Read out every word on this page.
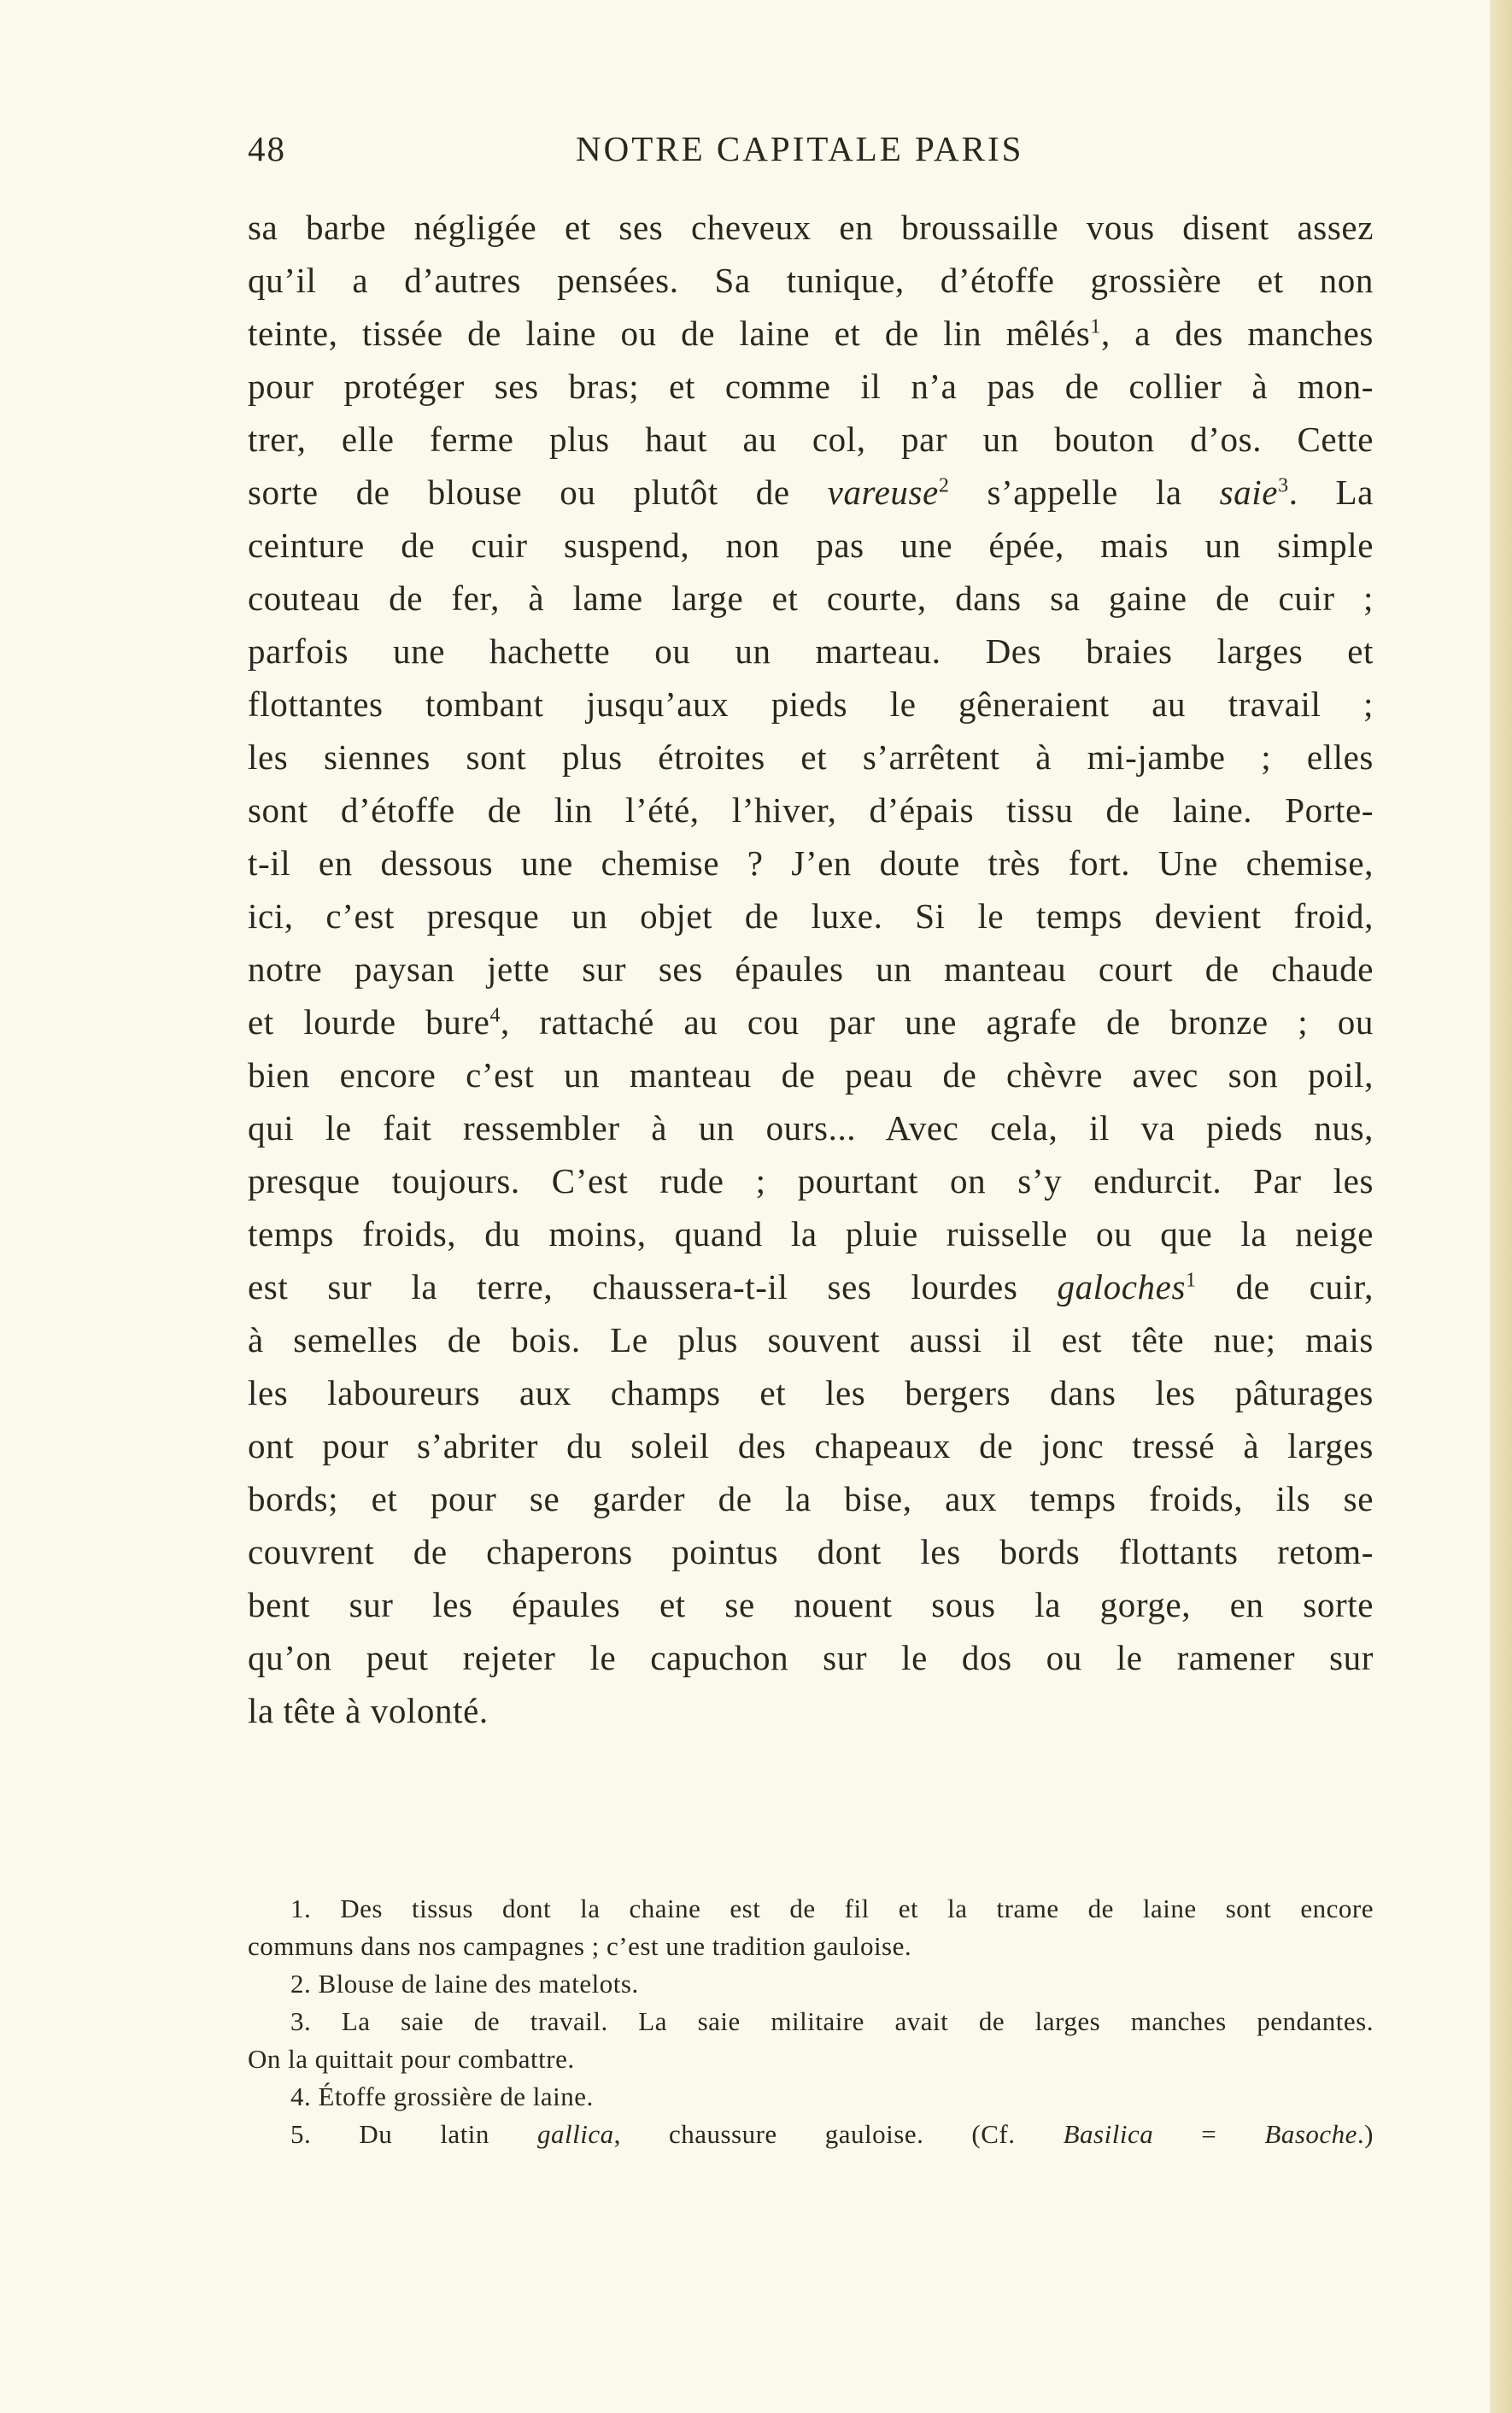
48	NOTRE CAPITALE PARIS
sa barbe négligée et ses cheveux en broussaille vous disent assez
qu’il a d’autres pensées. Sa tunique, d’étoffe grossière et non
teinte, tissée de laine ou de laine et de lin mêlés$^1$, a des manches
pour protéger ses bras; et comme il n’a pas de collier à mon-
trer, elle ferme plus haut au col, par un bouton d’os. Cette
sorte de blouse ou plutôt de vareuse$^2$ s’appelle la saie$^3$. La
ceinture de cuir suspend, non pas une épée, mais un simple
couteau de fer, à lame large et courte, dans sa gaine de cuir ;
parfois une hachette ou un marteau. Des braies larges et
flottantes tombant jusqu’aux pieds le gêneraient au travail ;
les siennes sont plus étroites et s’arrêtent à mi-jambe ; elles
sont d’étoffe de lin l’été, l’hiver, d’épais tissu de laine. Porte-
t-il en dessous une chemise ? J’en doute très fort. Une chemise,
ici, c’est presque un objet de luxe. Si le temps devient froid,
notre paysan jette sur ses épaules un manteau court de chaude
et lourde bure$^4$, rattaché au cou par une agrafe de bronze ; ou
bien encore c’est un manteau de peau de chèvre avec son poil,
qui le fait ressembler à un ours... Avec cela, il va pieds nus,
presque toujours. C’est rude ; pourtant on s’y endurcit. Par les
temps froids, du moins, quand la pluie ruisselle ou que la neige
est sur la terre, chaussera-t-il ses lourdes galoches$^1$ de cuir,
à semelles de bois. Le plus souvent aussi il est tête nue; mais
les laboureurs aux champs et les bergers dans les pâturages
ont pour s’abriter du soleil des chapeaux de jonc tressé à larges
bords; et pour se garder de la bise, aux temps froids, ils se
couvrent de chaperons pointus dont les bords flottants retom-
bent sur les épaules et se nouent sous la gorge, en sorte
qu’on peut rejeter le capuchon sur le dos ou le ramener sur
la tête à volonté.
1. Des tissus dont la chaine est de fil et la trame de laine sont encore
communs dans nos campagnes ; c’est une tradition gauloise.
2. Blouse de laine des matelots.
3. La saie de travail. La saie militaire avait de larges manches pendantes.
On la quittait pour combattre.
4. Étoffe grossière de laine.
5. Du latin gallica, chaussure gauloise. (Cf. Basilica = Basoche.)
